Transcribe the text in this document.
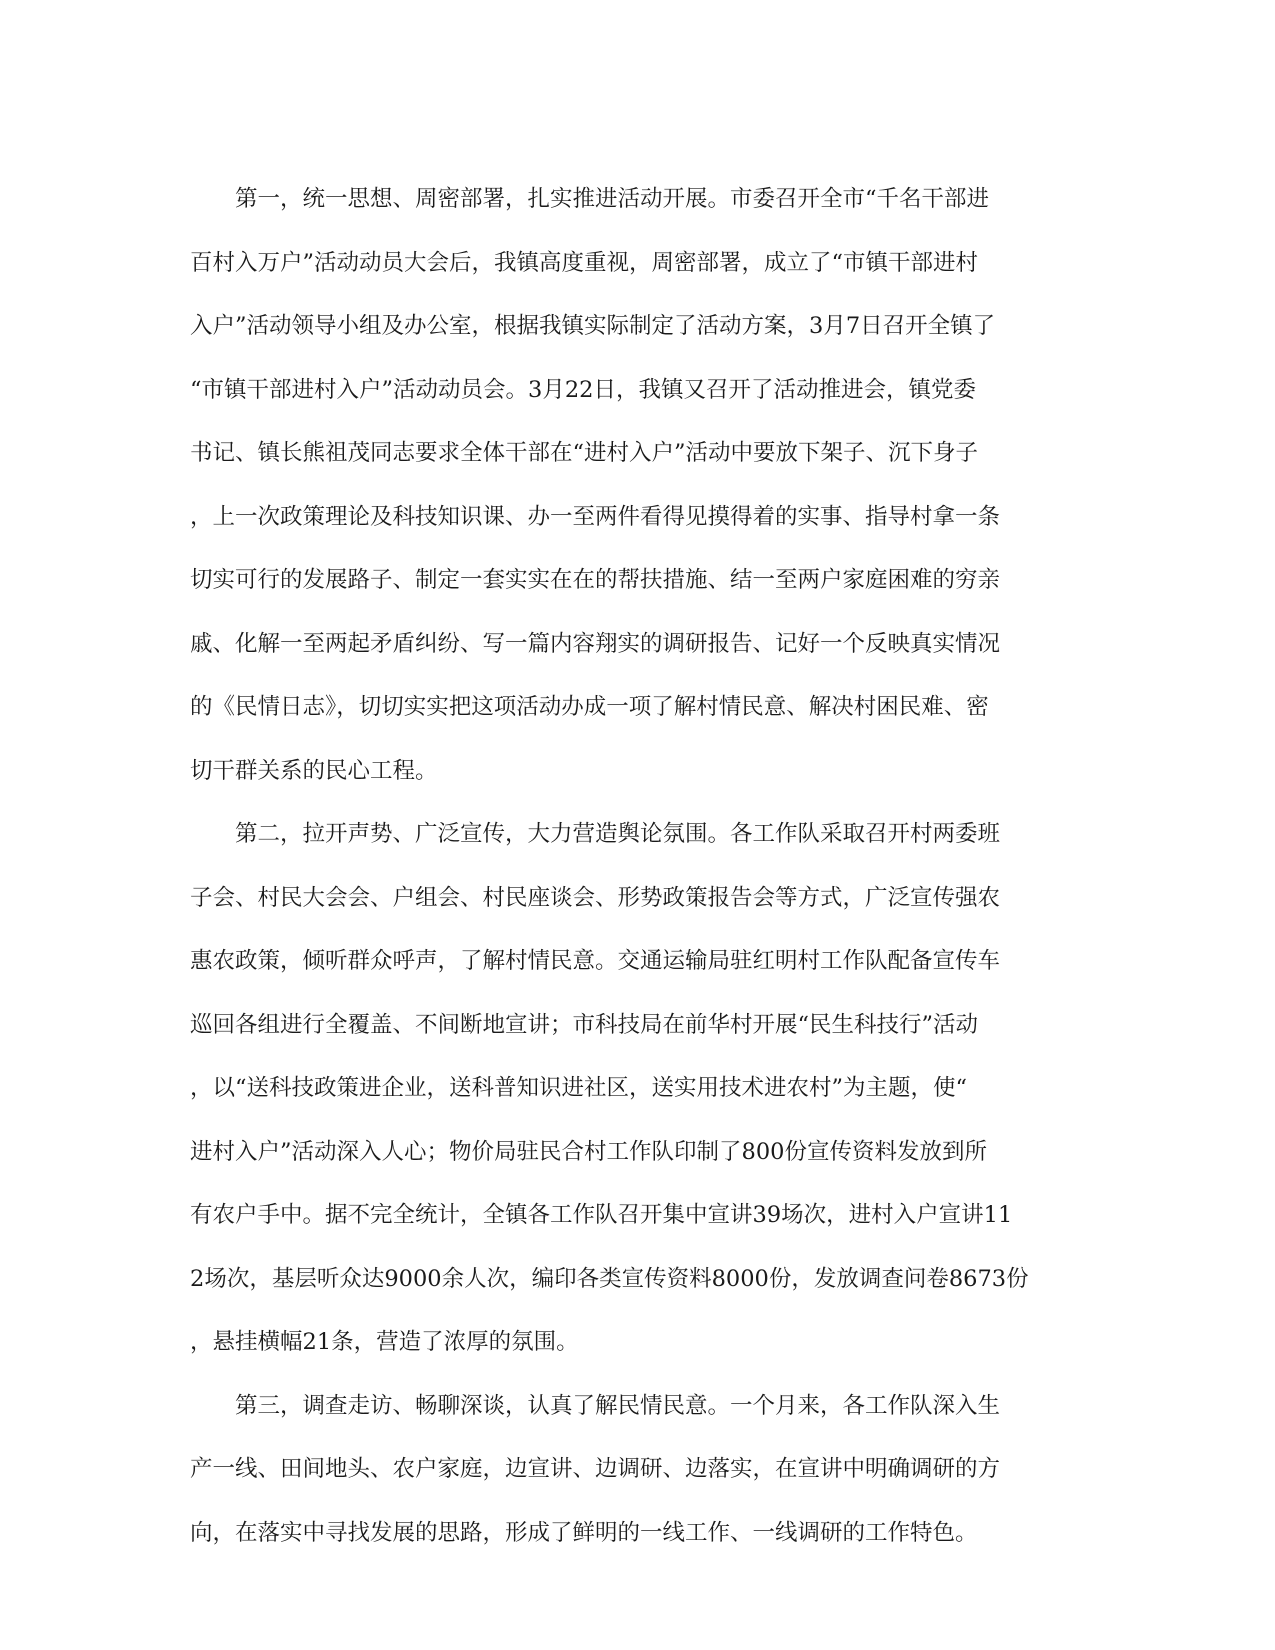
　　第一，统一思想、周密部署，扎实推进活动开展。市委召开全市“千名干部进
百村入万户”活动动员大会后，我镇高度重视，周密部署，成立了“市镇干部进村
入户”活动领导小组及办公室，根据我镇实际制定了活动方案，3月7日召开全镇了
“市镇干部进村入户”活动动员会。3月22日，我镇又召开了活动推进会，镇党委
书记、镇长熊祖茂同志要求全体干部在“进村入户”活动中要放下架子、沉下身子
，上一次政策理论及科技知识课、办一至两件看得见摸得着的实事、指导村拿一条
切实可行的发展路子、制定一套实实在在的帮扶措施、结一至两户家庭困难的穷亲
戚、化解一至两起矛盾纠纷、写一篇内容翔实的调研报告、记好一个反映真实情况
的《民情日志》，切切实实把这项活动办成一项了解村情民意、解决村困民难、密
切干群关系的民心工程。
　　第二，拉开声势、广泛宣传，大力营造舆论氛围。各工作队采取召开村两委班
子会、村民大会会、户组会、村民座谈会、形势政策报告会等方式，广泛宣传强农
惠农政策，倾听群众呼声，了解村情民意。交通运输局驻红明村工作队配备宣传车
巡回各组进行全覆盖、不间断地宣讲；市科技局在前华村开展“民生科技行”活动
，以“送科技政策进企业，送科普知识进社区，送实用技术进农村”为主题，使“
进村入户”活动深入人心；物价局驻民合村工作队印制了800份宣传资料发放到所
有农户手中。据不完全统计，全镇各工作队召开集中宣讲39场次，进村入户宣讲11
2场次，基层听众达9000余人次，编印各类宣传资料8000份，发放调查问卷8673份
，悬挂横幅21条，营造了浓厚的氛围。
　　第三，调查走访、畅聊深谈，认真了解民情民意。一个月来，各工作队深入生
产一线、田间地头、农户家庭，边宣讲、边调研、边落实，在宣讲中明确调研的方
向，在落实中寻找发展的思路，形成了鲜明的一线工作、一线调研的工作特色。
